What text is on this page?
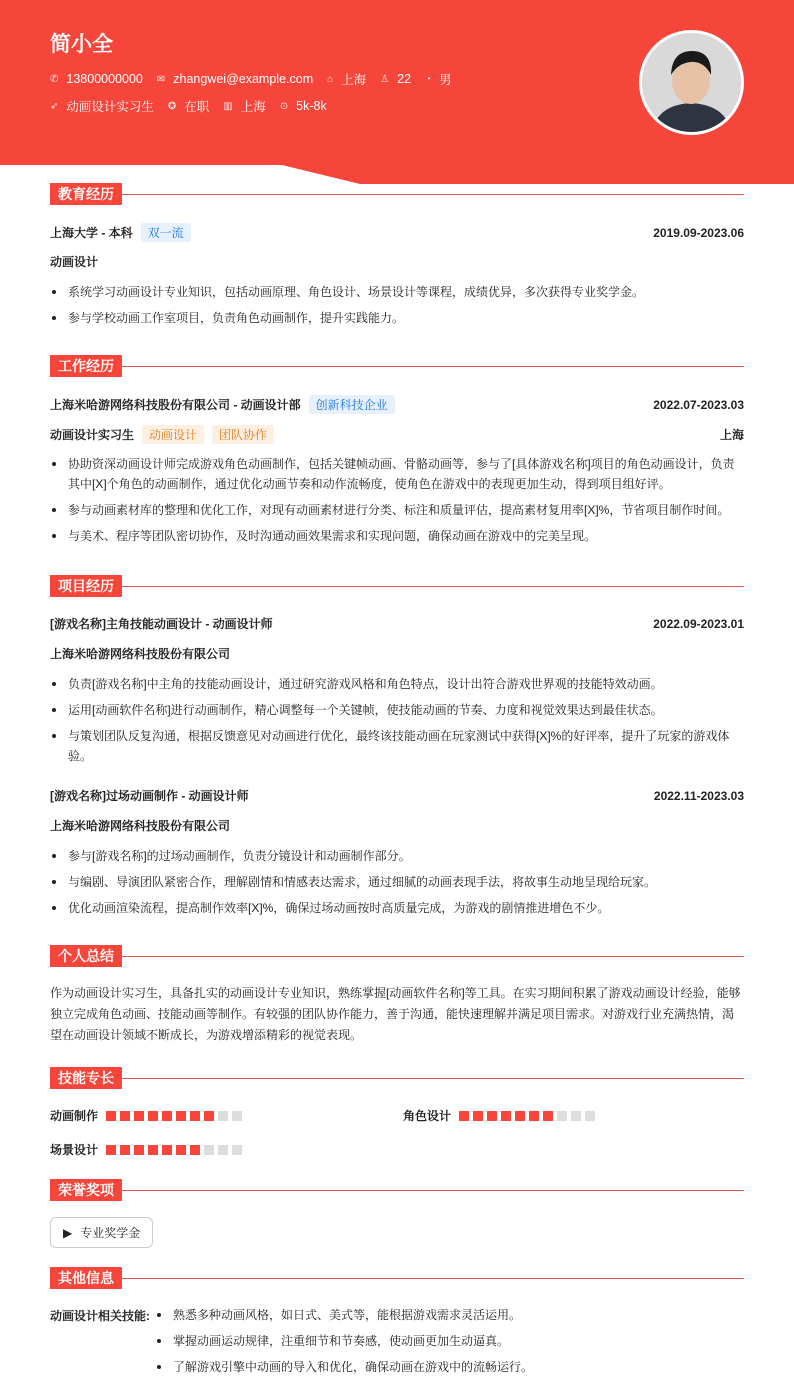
简小全
✆ 13800000000 ✉ zhangwei@example.com ⌂ 上海 ♙ 22 ◔ 男
➶ 动画设计实习生 ✪ 在职 ▥ 上海 ⊙ 5k-8k
教育经历
上海大学 - 本科	双一流	2019.09-2023.06
动画设计
系统学习动画设计专业知识，包括动画原理、角色设计、场景设计等课程，成绩优异，多次获得专业奖学金。
参与学校动画工作室项目，负责角色动画制作，提升实践能力。
工作经历
上海米哈游网络科技股份有限公司 - 动画设计部	创新科技企业	2022.07-2023.03
动画设计实习生	动画设计	团队协作	上海
协助资深动画设计师完成游戏角色动画制作，包括关键帧动画、骨骼动画等，参与了[具体游戏名称]项目的角色动画设计，负责其中[X]个角色的动画制作，通过优化动画节奏和动作流畅度，使角色在游戏中的表现更加生动，得到项目组好评。
参与动画素材库的整理和优化工作，对现有动画素材进行分类、标注和质量评估，提高素材复用率[X]%，节省项目制作时间。
与美术、程序等团队密切协作，及时沟通动画效果需求和实现问题，确保动画在游戏中的完美呈现。
项目经历
[游戏名称]主角技能动画设计 - 动画设计师	2022.09-2023.01
上海米哈游网络科技股份有限公司
负责[游戏名称]中主角的技能动画设计，通过研究游戏风格和角色特点，设计出符合游戏世界观的技能特效动画。
运用[动画软件名称]进行动画制作，精心调整每一个关键帧，使技能动画的节奏、力度和视觉效果达到最佳状态。
与策划团队反复沟通，根据反馈意见对动画进行优化，最终该技能动画在玩家测试中获得[X]%的好评率，提升了玩家的游戏体验。
[游戏名称]过场动画制作 - 动画设计师	2022.11-2023.03
上海米哈游网络科技股份有限公司
参与[游戏名称]的过场动画制作，负责分镜设计和动画制作部分。
与编剧、导演团队紧密合作，理解剧情和情感表达需求，通过细腻的动画表现手法，将故事生动地呈现给玩家。
优化动画渲染流程，提高制作效率[X]%，确保过场动画按时高质量完成，为游戏的剧情推进增色不少。
个人总结
作为动画设计实习生，具备扎实的动画设计专业知识，熟练掌握[动画软件名称]等工具。在实习期间积累了游戏动画设计经验，能够独立完成角色动画、技能动画等制作。有较强的团队协作能力，善于沟通，能快速理解并满足项目需求。对游戏行业充满热情，渴望在动画设计领域不断成长，为游戏增添精彩的视觉表现。
技能专长
动画制作	角色设计
场景设计
荣誉奖项
▶ 专业奖学金
其他信息
动画设计相关技能:	熟悉多种动画风格，如日式、美式等，能根据游戏需求灵活运用。
掌握动画运动规律，注重细节和节奏感，使动画更加生动逼真。
了解游戏引擎中动画的导入和优化，确保动画在游戏中的流畅运行。
